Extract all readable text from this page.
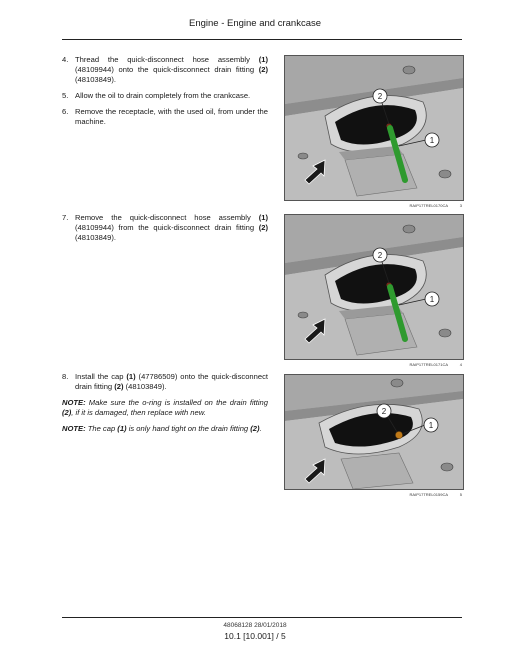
Engine - Engine and crankcase
4. Thread the quick-disconnect hose assembly (1) (48109944) onto the quick-disconnect drain fitting (2) (48103849).
5. Allow the oil to drain completely from the crankcase.
6. Remove the receptacle, with the used oil, from under the machine.
7. Remove the quick-disconnect hose assembly (1) (48109944) from the quick-disconnect drain fitting (2) (48103849).
8. Install the cap (1) (47786509) onto the quick-disconnect drain fitting (2) (48103849).
NOTE: Make sure the o-ring is installed on the drain fitting (2), if it is damaged, then replace with new.
NOTE: The cap (1) is only hand tight on the drain fitting (2).
2
1
RAIP17TREL0170CA	3
2
1
RAIP17TREL0171CA	4
2
1
RAIP17TREL0159CA	5
48068128 28/01/2018
10.1 [10.001] / 5
